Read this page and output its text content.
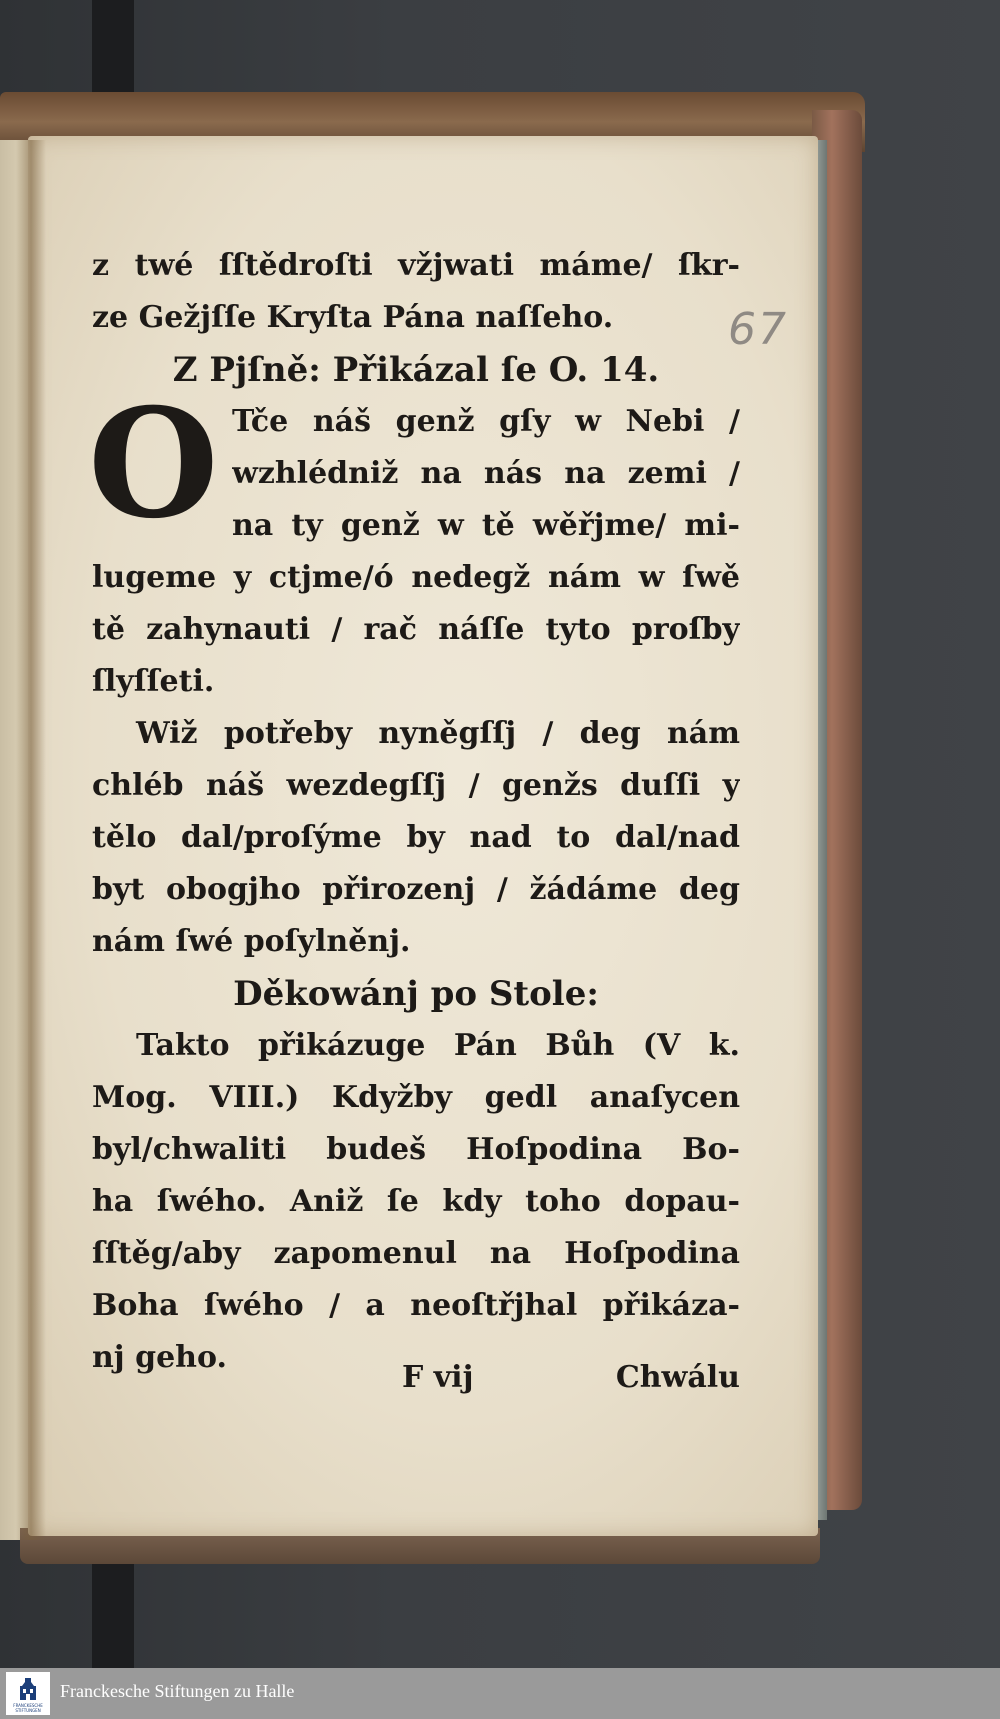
67
z twé ſſtědroſti vžjwati máme/ ſkr-
ze Gežjſſe Kryſta Pána naſſeho.
Z Pjſně: Přikázal ſe O. 14.
O Tče náš genž gſy w Nebi /
wzhlédniž na nás na zemi /
na ty genž w tě wěřjme/ mi-
lugeme y ctjme/ó nedegž nám w ſwě
tě zahynauti / rač náſſe tyto proſby
ſlyſſeti.
Wiž potřeby nyněgſſj / deg nám
chléb náš wezdegſſj / genžs duſſi y
tělo dal/proſýme by nad to dal/nad
byt obogjho přirozenj / žádáme deg
nám ſwé poſylněnj.
Děkowánj po Stole:
Takto přikázuge Pán Bůh (V k.
Mog. VIII.) Kdyžby gedl anaſycen
byl/chwaliti budeš Hoſpodina Bo-
ha ſwého. Aniž ſe kdy toho dopau-
ſſtěg/aby zapomenul na Hoſpodina
Boha ſwého / a neoſtřjhal přikáza-
nj geho.
F vij	Chwálu
FRANCKESCHE STIFTUNGEN
Franckesche Stiftungen zu Halle
